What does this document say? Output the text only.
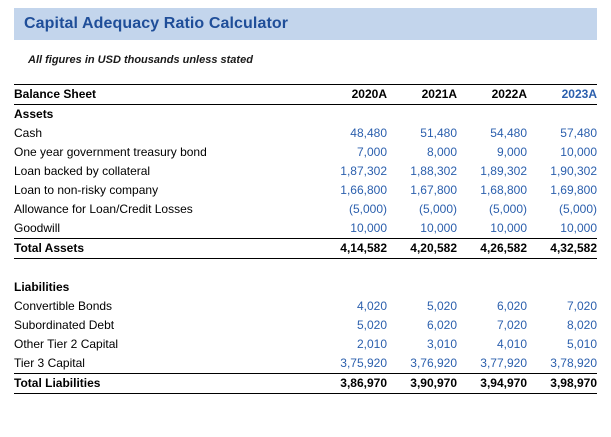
Capital Adequacy Ratio Calculator
All figures in USD thousands unless stated
Balance Sheet	2020A	2021A	2022A	2023A
Assets				
Cash	48,480	51,480	54,480	57,480
One year government treasury bond	7,000	8,000	9,000	10,000
Loan backed by collateral	1,87,302	1,88,302	1,89,302	1,90,302
Loan to non-risky company	1,66,800	1,67,800	1,68,800	1,69,800
Allowance for Loan/Credit Losses	(5,000)	(5,000)	(5,000)	(5,000)
Goodwill	10,000	10,000	10,000	10,000
Total Assets	4,14,582	4,20,582	4,26,582	4,32,582

Liabilities				
Convertible Bonds	4,020	5,020	6,020	7,020
Subordinated Debt	5,020	6,020	7,020	8,020
Other Tier 2 Capital	2,010	3,010	4,010	5,010
Tier 3 Capital	3,75,920	3,76,920	3,77,920	3,78,920
Total Liabilities	3,86,970	3,90,970	3,94,970	3,98,970
